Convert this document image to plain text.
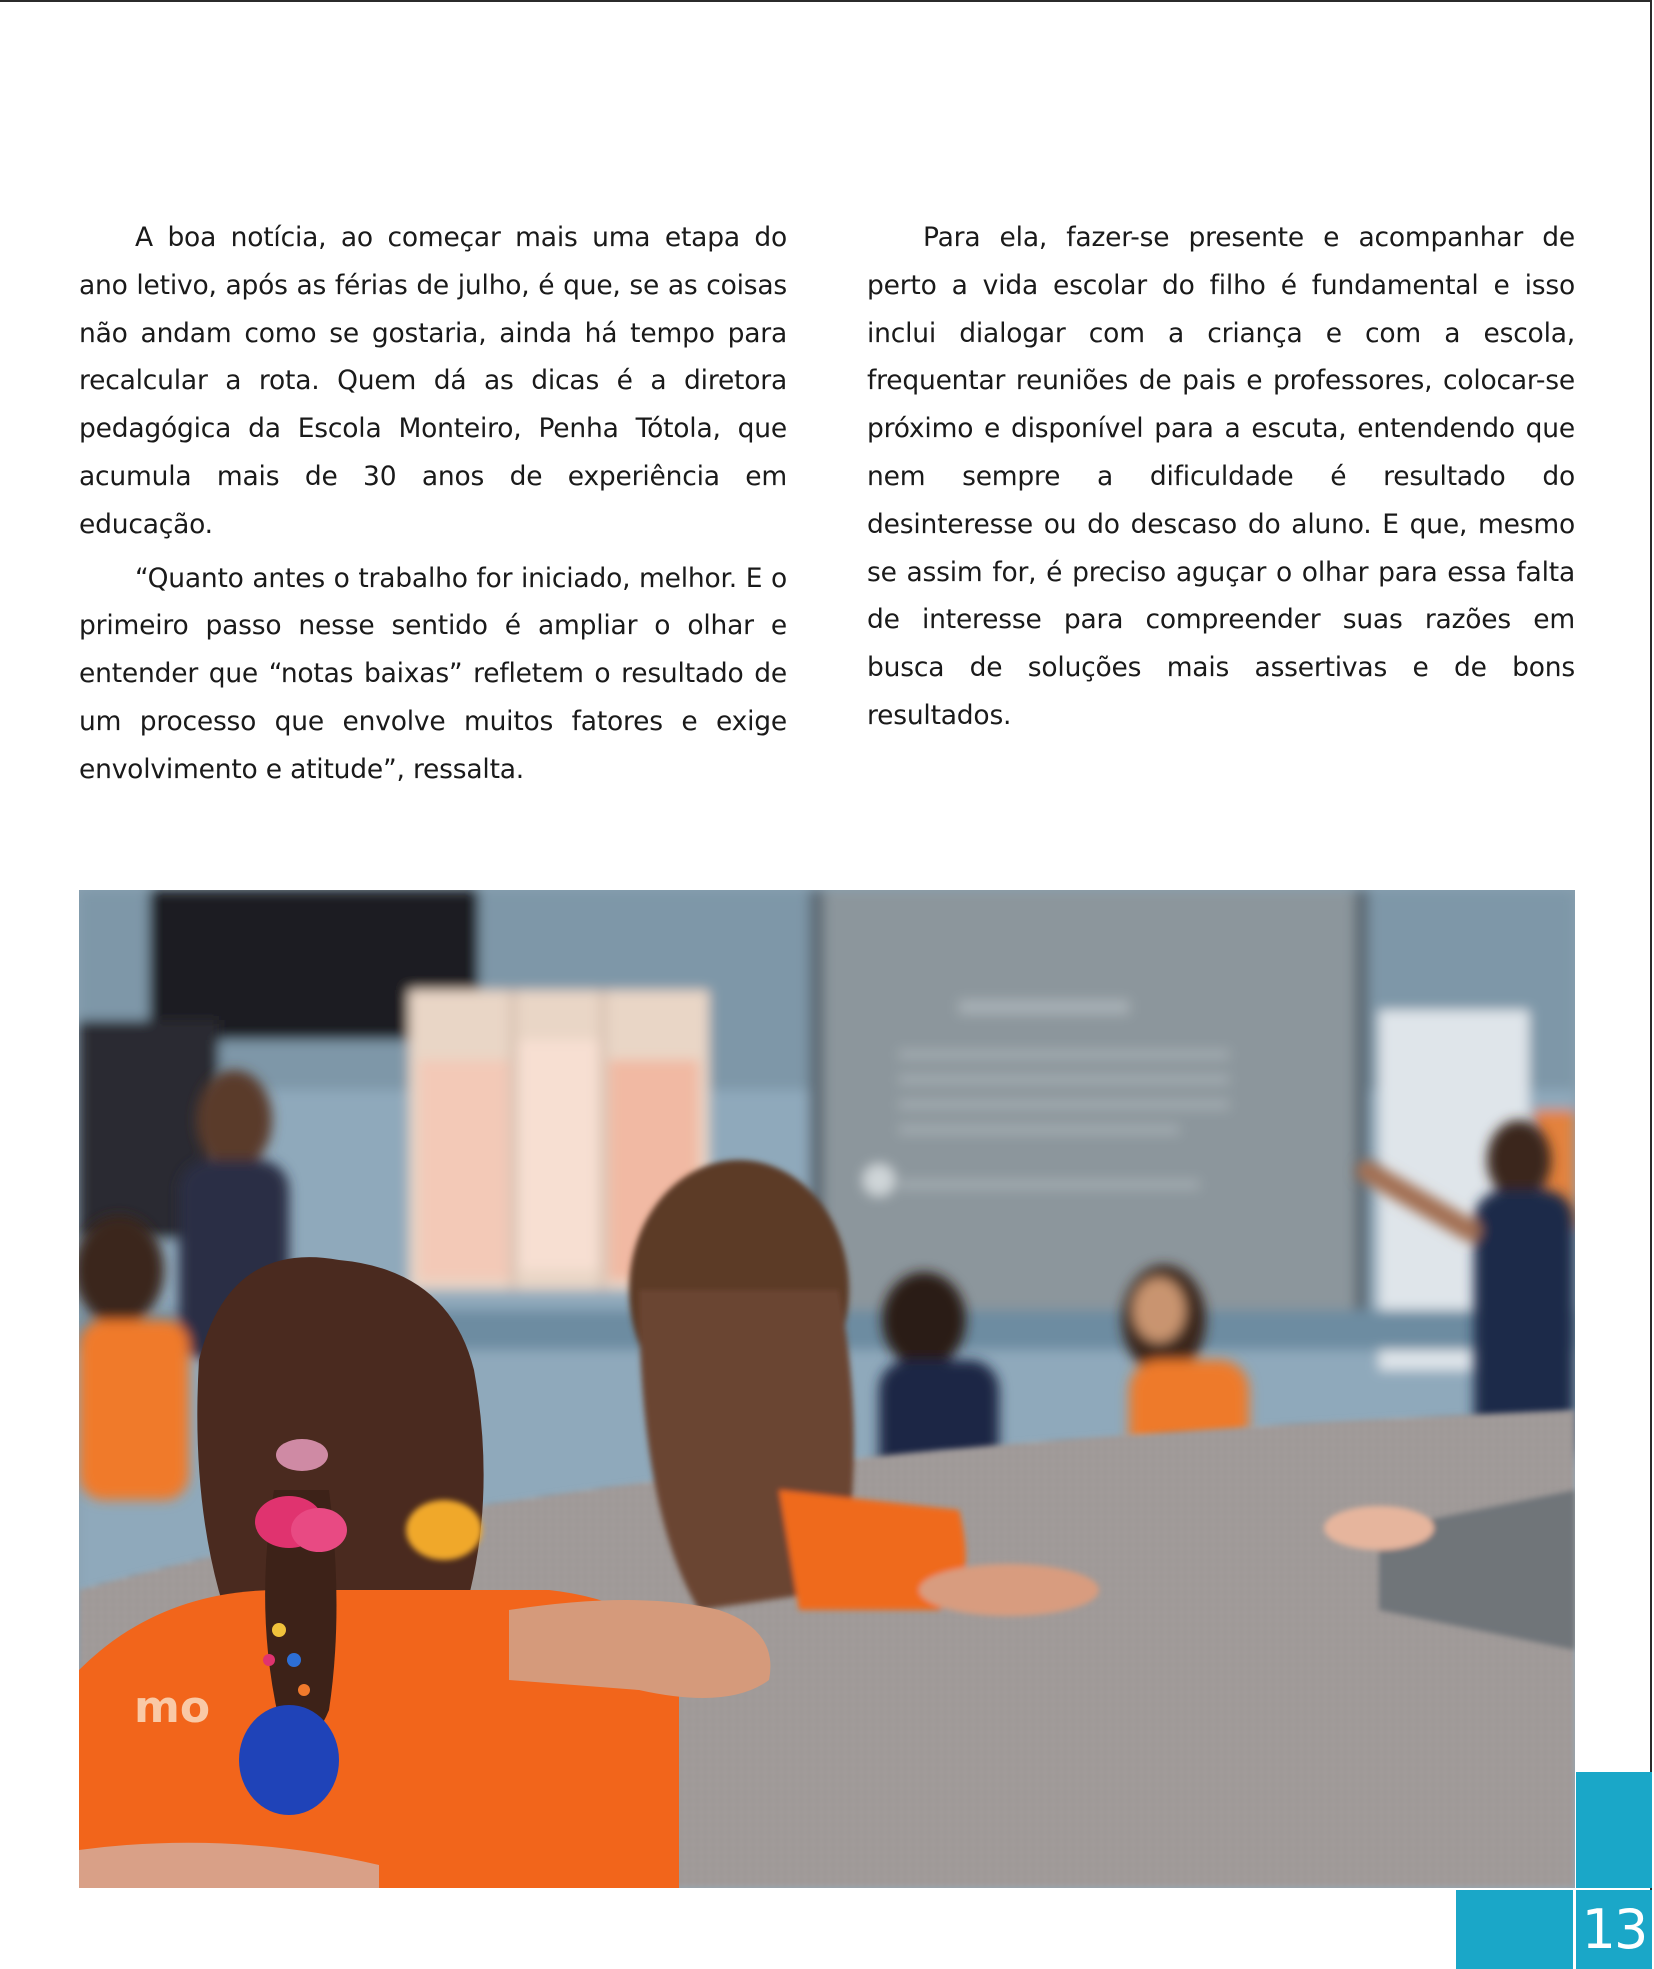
A boa notícia, ao começar mais uma etapa do ano letivo, após as férias de julho, é que, se as coisas não andam como se gostaria, ainda há tempo para recalcular a rota. Quem dá as dicas é a diretora pedagógica da Escola Monteiro, Penha Tótola, que acumula mais de 30 anos de experiência em educação.

“Quanto antes o trabalho for iniciado, melhor. E o primeiro passo nesse sentido é ampliar o olhar e entender que “notas baixas” refletem o resultado de um processo que envolve muitos fatores e exige envolvimento e atitude”, ressalta.

Para ela, fazer-se presente e acompanhar de perto a vida escolar do filho é fundamental e isso inclui dialogar com a criança e com a escola, frequentar reuniões de pais e professores, colocar-se próximo e disponível para a escuta, entendendo que nem sempre a dificuldade é resultado do desinteresse ou do descaso do aluno. E que, mesmo se assim for, é preciso aguçar o olhar para essa falta de interesse para compreender suas razões em busca de soluções mais assertivas e de bons resultados.

mo
13
